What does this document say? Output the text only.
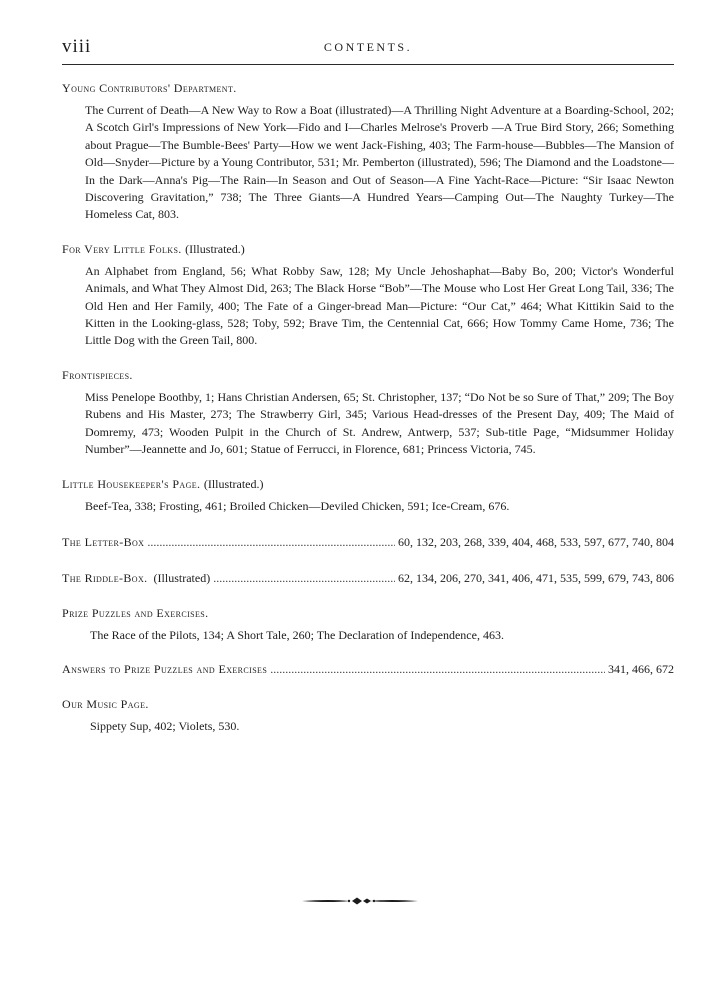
viii	CONTENTS.

Young Contributors' Department.

The Current of Death—A New Way to Row a Boat (illustrated)—A Thrilling Night Adventure at a Boarding-School, 202; A Scotch Girl's Impressions of New York—Fido and I—Charles Melrose's Proverb —A True Bird Story, 266; Something about Prague—The Bumble-Bees' Party—How we went Jack-Fishing, 403; The Farm-house—Bubbles—The Mansion of Old—Snyder—Picture by a Young Contributor, 531; Mr. Pemberton (illustrated), 596; The Diamond and the Loadstone—In the Dark—Anna's Pig—The Rain—In Season and Out of Season—A Fine Yacht-Race—Picture: “Sir Isaac Newton Discovering Gravitation,” 738; The Three Giants—A Hundred Years—Camping Out—The Naughty Turkey—The Homeless Cat, 803.

For Very Little Folks. (Illustrated.)

An Alphabet from England, 56; What Robby Saw, 128; My Uncle Jehoshaphat—Baby Bo, 200; Victor's Wonderful Animals, and What They Almost Did, 263; The Black Horse “Bob”—The Mouse who Lost Her Great Long Tail, 336; The Old Hen and Her Family, 400; The Fate of a Ginger-bread Man—Picture: “Our Cat,” 464; What Kittikin Said to the Kitten in the Looking-glass, 528; Toby, 592; Brave Tim, the Centennial Cat, 666; How Tommy Came Home, 736; The Little Dog with the Green Tail, 800.

Frontispieces.

Miss Penelope Boothby, 1; Hans Christian Andersen, 65; St. Christopher, 137; “Do Not be so Sure of That,” 209; The Boy Rubens and His Master, 273; The Strawberry Girl, 345; Various Head-dresses of the Present Day, 409; The Maid of Domremy, 473; Wooden Pulpit in the Church of St. Andrew, Antwerp, 537; Sub-title Page, “Midsummer Holiday Number”—Jeannette and Jo, 601; Statue of Ferrucci, in Florence, 681; Princess Victoria, 745.

Little Housekeeper's Page. (Illustrated.)

Beef-Tea, 338; Frosting, 461; Broiled Chicken—Deviled Chicken, 591; Ice-Cream, 676.

The Letter-Box . . .	60, 132, 203, 268, 339, 404, 468, 533, 597, 677, 740, 804
The Riddle-Box. (Illustrated) . . .	62, 134, 206, 270, 341, 406, 471, 535, 599, 679, 743, 806

Prize Puzzles and Exercises.

The Race of the Pilots, 134; A Short Tale, 260; The Declaration of Independence, 463.

Answers to Prize Puzzles and Exercises . . .	341, 466, 672

Our Music Page.

Sippety Sup, 402; Violets, 530.
